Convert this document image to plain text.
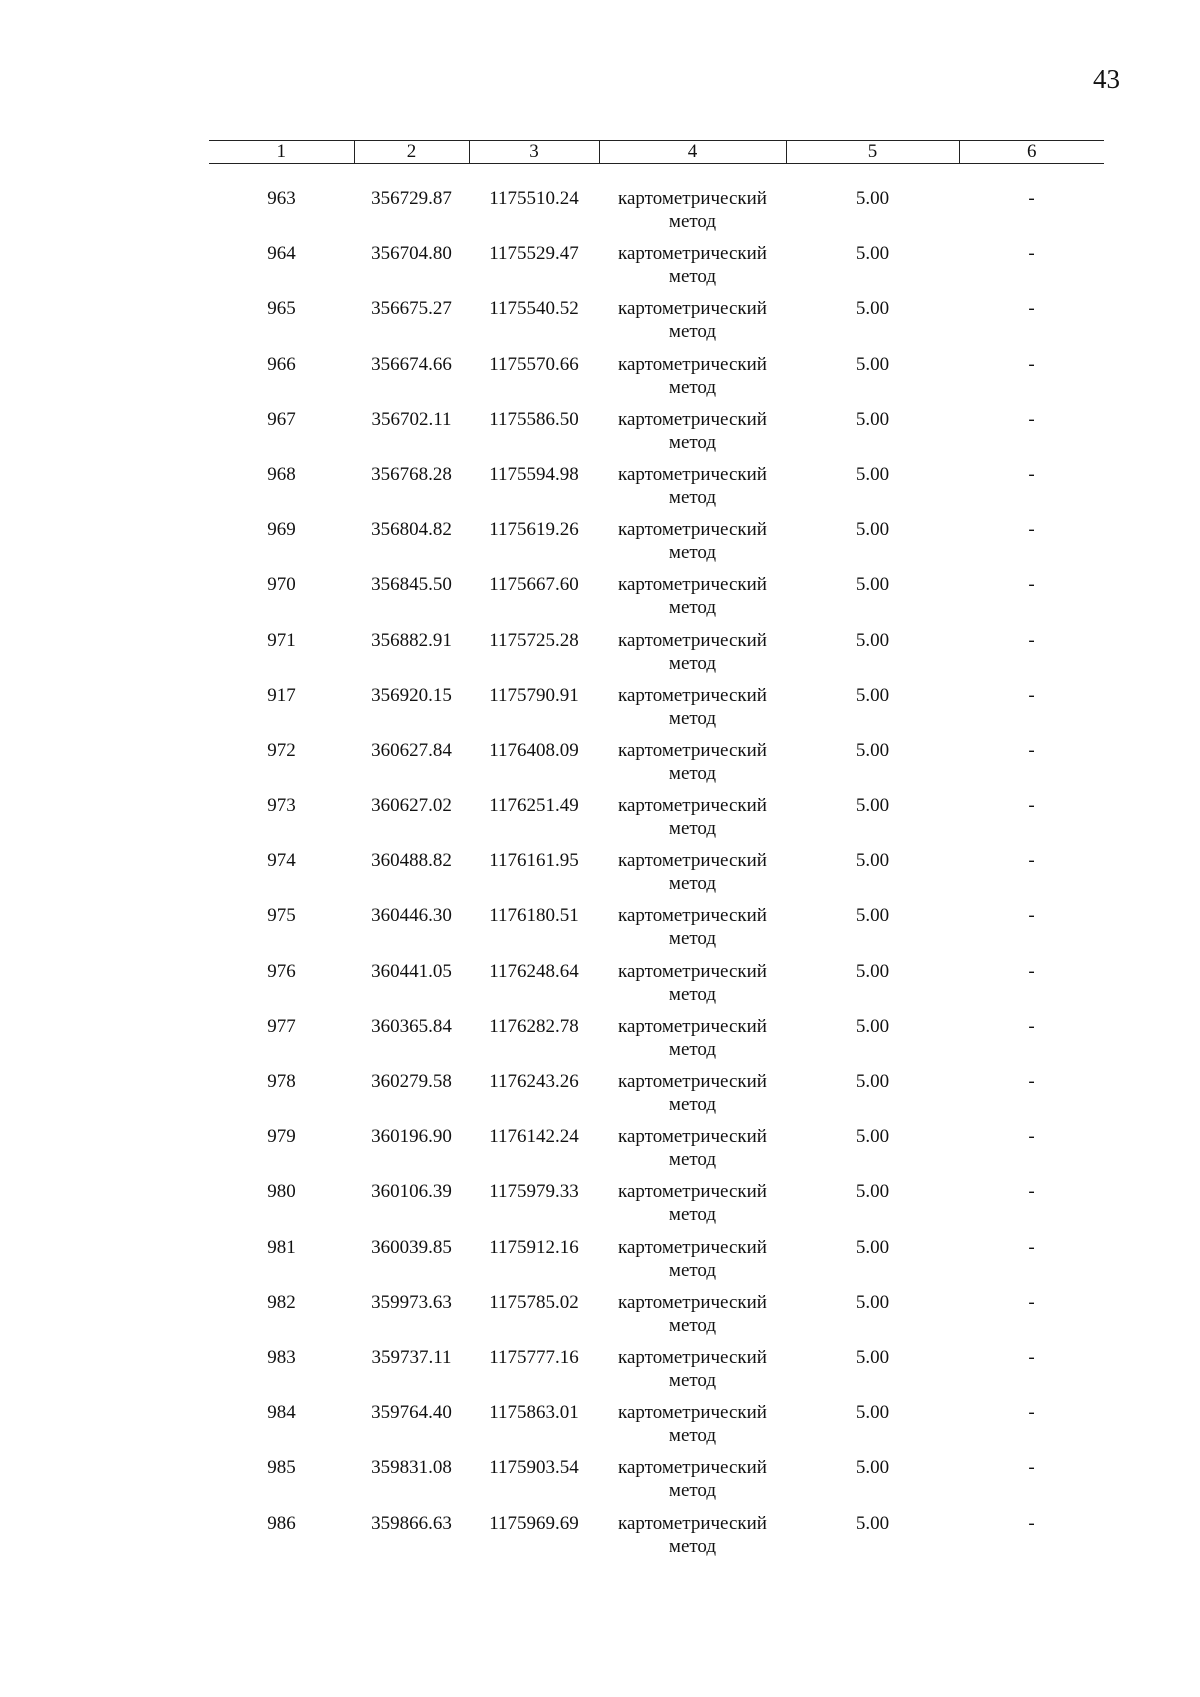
43
1	2	3	4	5	6

963	356729.87	1175510.24	картометрический
метод	5.00	-
964	356704.80	1175529.47	картометрический
метод	5.00	-
965	356675.27	1175540.52	картометрический
метод	5.00	-
966	356674.66	1175570.66	картометрический
метод	5.00	-
967	356702.11	1175586.50	картометрический
метод	5.00	-
968	356768.28	1175594.98	картометрический
метод	5.00	-
969	356804.82	1175619.26	картометрический
метод	5.00	-
970	356845.50	1175667.60	картометрический
метод	5.00	-
971	356882.91	1175725.28	картометрический
метод	5.00	-
917	356920.15	1175790.91	картометрический
метод	5.00	-
972	360627.84	1176408.09	картометрический
метод	5.00	-
973	360627.02	1176251.49	картометрический
метод	5.00	-
974	360488.82	1176161.95	картометрический
метод	5.00	-
975	360446.30	1176180.51	картометрический
метод	5.00	-
976	360441.05	1176248.64	картометрический
метод	5.00	-
977	360365.84	1176282.78	картометрический
метод	5.00	-
978	360279.58	1176243.26	картометрический
метод	5.00	-
979	360196.90	1176142.24	картометрический
метод	5.00	-
980	360106.39	1175979.33	картометрический
метод	5.00	-
981	360039.85	1175912.16	картометрический
метод	5.00	-
982	359973.63	1175785.02	картометрический
метод	5.00	-
983	359737.11	1175777.16	картометрический
метод	5.00	-
984	359764.40	1175863.01	картометрический
метод	5.00	-
985	359831.08	1175903.54	картометрический
метод	5.00	-
986	359866.63	1175969.69	картометрический
метод	5.00	-
